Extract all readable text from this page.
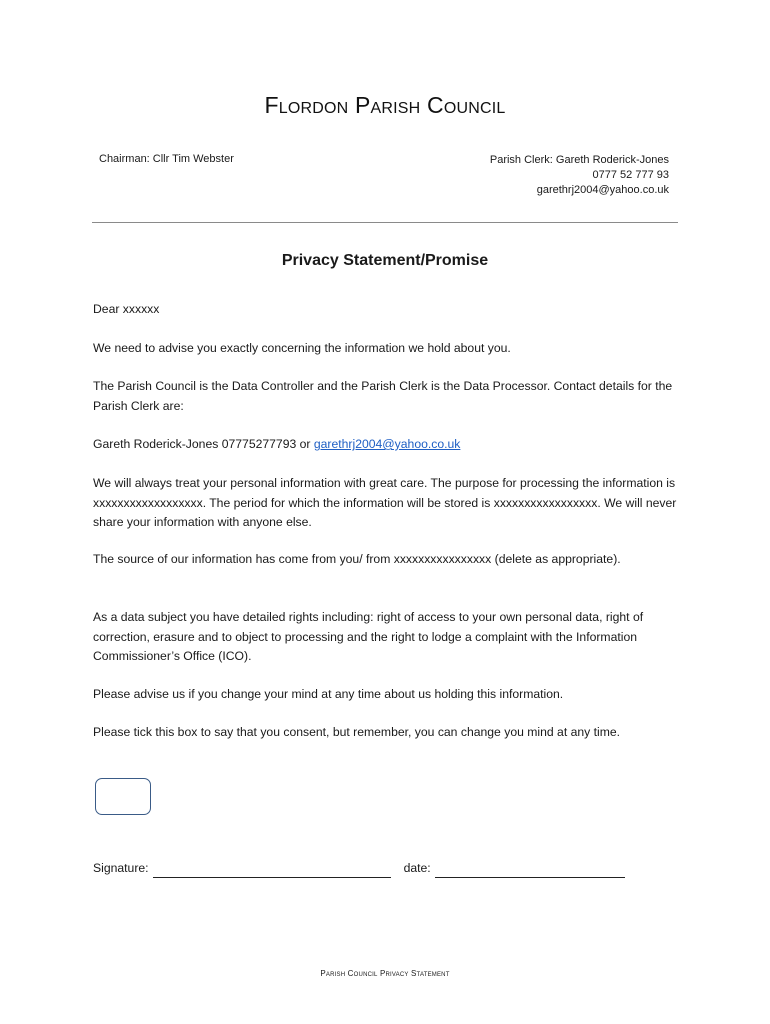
Flordon Parish Council
Chairman: Cllr Tim Webster	Parish Clerk: Gareth Roderick-Jones
0777 52 777 93
garethrj2004@yahoo.co.uk
Privacy Statement/Promise

Dear xxxxxx

We need to advise you exactly concerning the information we hold about you.

The Parish Council is the Data Controller and the Parish Clerk is the Data Processor. Contact details for the Parish Clerk are:

Gareth Roderick-Jones 07775277793 or garethrj2004@yahoo.co.uk

We will always treat your personal information with great care. The purpose for processing the information is xxxxxxxxxxxxxxxxxx. The period for which the information will be stored is xxxxxxxxxxxxxxxxx. We will never share your information with anyone else.

The source of our information has come from you/ from xxxxxxxxxxxxxxxx (delete as appropriate).

As a data subject you have detailed rights including: right of access to your own personal data, right of correction, erasure and to object to processing and the right to lodge a complaint with the Information Commissioner’s Office (ICO).

Please advise us if you change your mind at any time about us holding this information.

Please tick this box to say that you consent, but remember, you can change you mind at any time.

Signature:	date:
Parish Council Privacy Statement
